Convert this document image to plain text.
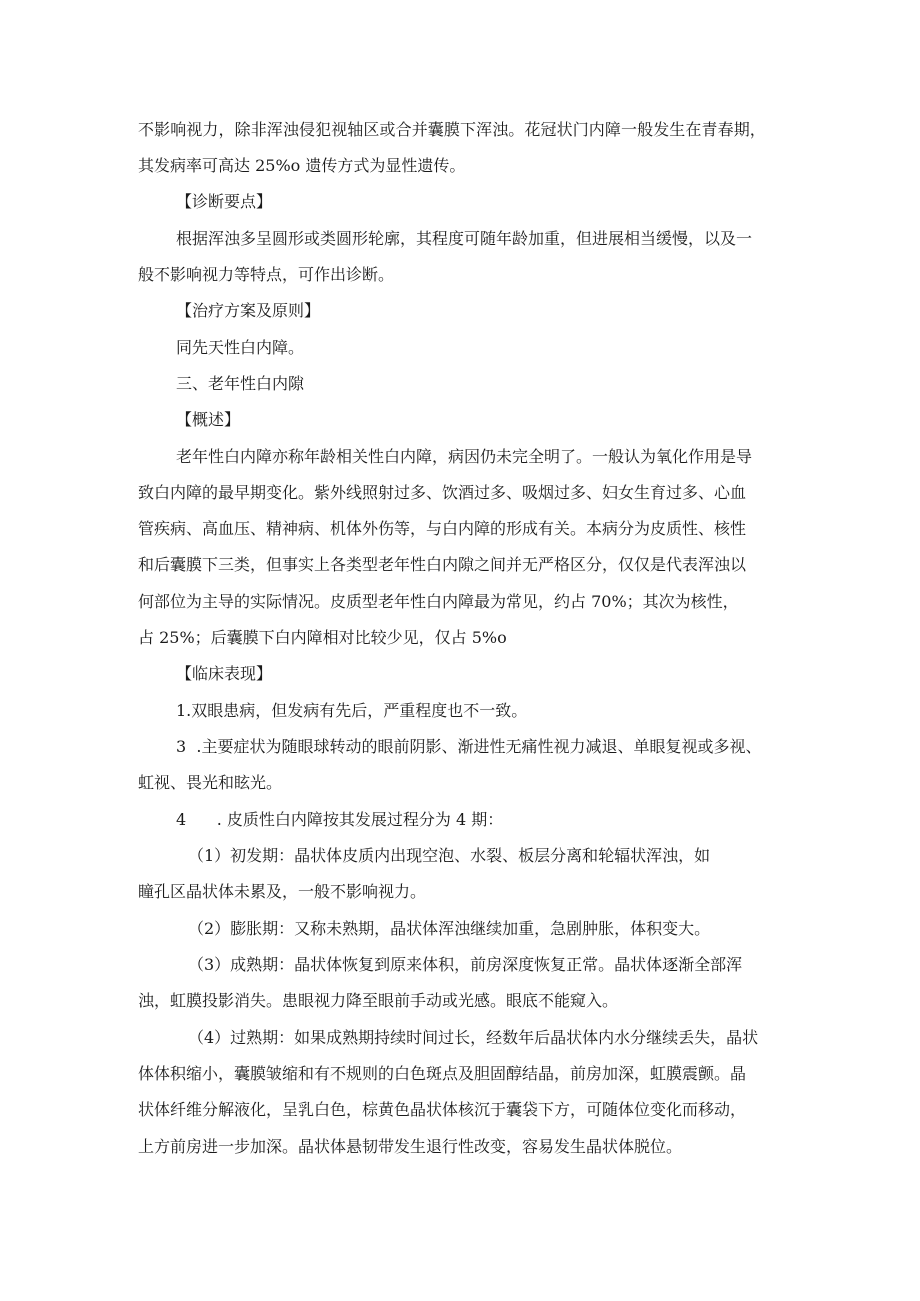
不影响视力，除非浑浊侵犯视轴区或合并囊膜下浑浊。花冠状门内障一般发生在青春期，
其发病率可高达 25%o 遗传方式为显性遗传。
【诊断要点】
根据浑浊多呈圆形或类圆形轮廓，其程度可随年龄加重，但进展相当缓慢，以及一
般不影响视力等特点，可作出诊断。
【治疗方案及原则】
同先天性白内障。
三、老年性白内隙
【概述】
老年性白内障亦称年龄相关性白内障，病因仍未完全明了。一般认为氧化作用是导
致白内障的最早期变化。紫外线照射过多、饮酒过多、吸烟过多、妇女生育过多、心血
管疾病、高血压、精神病、机体外伤等，与白内障的形成有关。本病分为皮质性、核性
和后囊膜下三类，但事实上各类型老年性白内隙之间并无严格区分，仅仅是代表浑浊以
何部位为主导的实际情况。皮质型老年性白内障最为常见，约占 70%；其次为核性，
占 25%；后囊膜下白内障相对比较少见，仅占 5%o
【临床表现】
1.双眼患病，但发病有先后，严重程度也不一致。
3  .主要症状为随眼球转动的眼前阴影、渐进性无痛性视力减退、单眼复视或多视、
虹视、畏光和眩光。
4      . 皮质性白内障按其发展过程分为 4 期：
（1）初发期：晶状体皮质内出现空泡、水裂、板层分离和轮辐状浑浊，如
瞳孔区晶状体未累及，一般不影响视力。
（2）膨胀期：又称未熟期，晶状体浑浊继续加重，急剧肿胀，体积变大。
（3）成熟期：晶状体恢复到原来体积，前房深度恢复正常。晶状体逐渐全部浑
浊，虹膜投影消失。患眼视力降至眼前手动或光感。眼底不能窥入。
（4）过熟期：如果成熟期持续时间过长，经数年后晶状体内水分继续丢失，晶状
体体积缩小，囊膜皱缩和有不规则的白色斑点及胆固醇结晶，前房加深，虹膜震颤。晶
状体纤维分解液化，呈乳白色，棕黄色晶状体核沉于囊袋下方，可随体位变化而移动，
上方前房进一步加深。晶状体悬韧带发生退行性改变，容易发生晶状体脱位。
